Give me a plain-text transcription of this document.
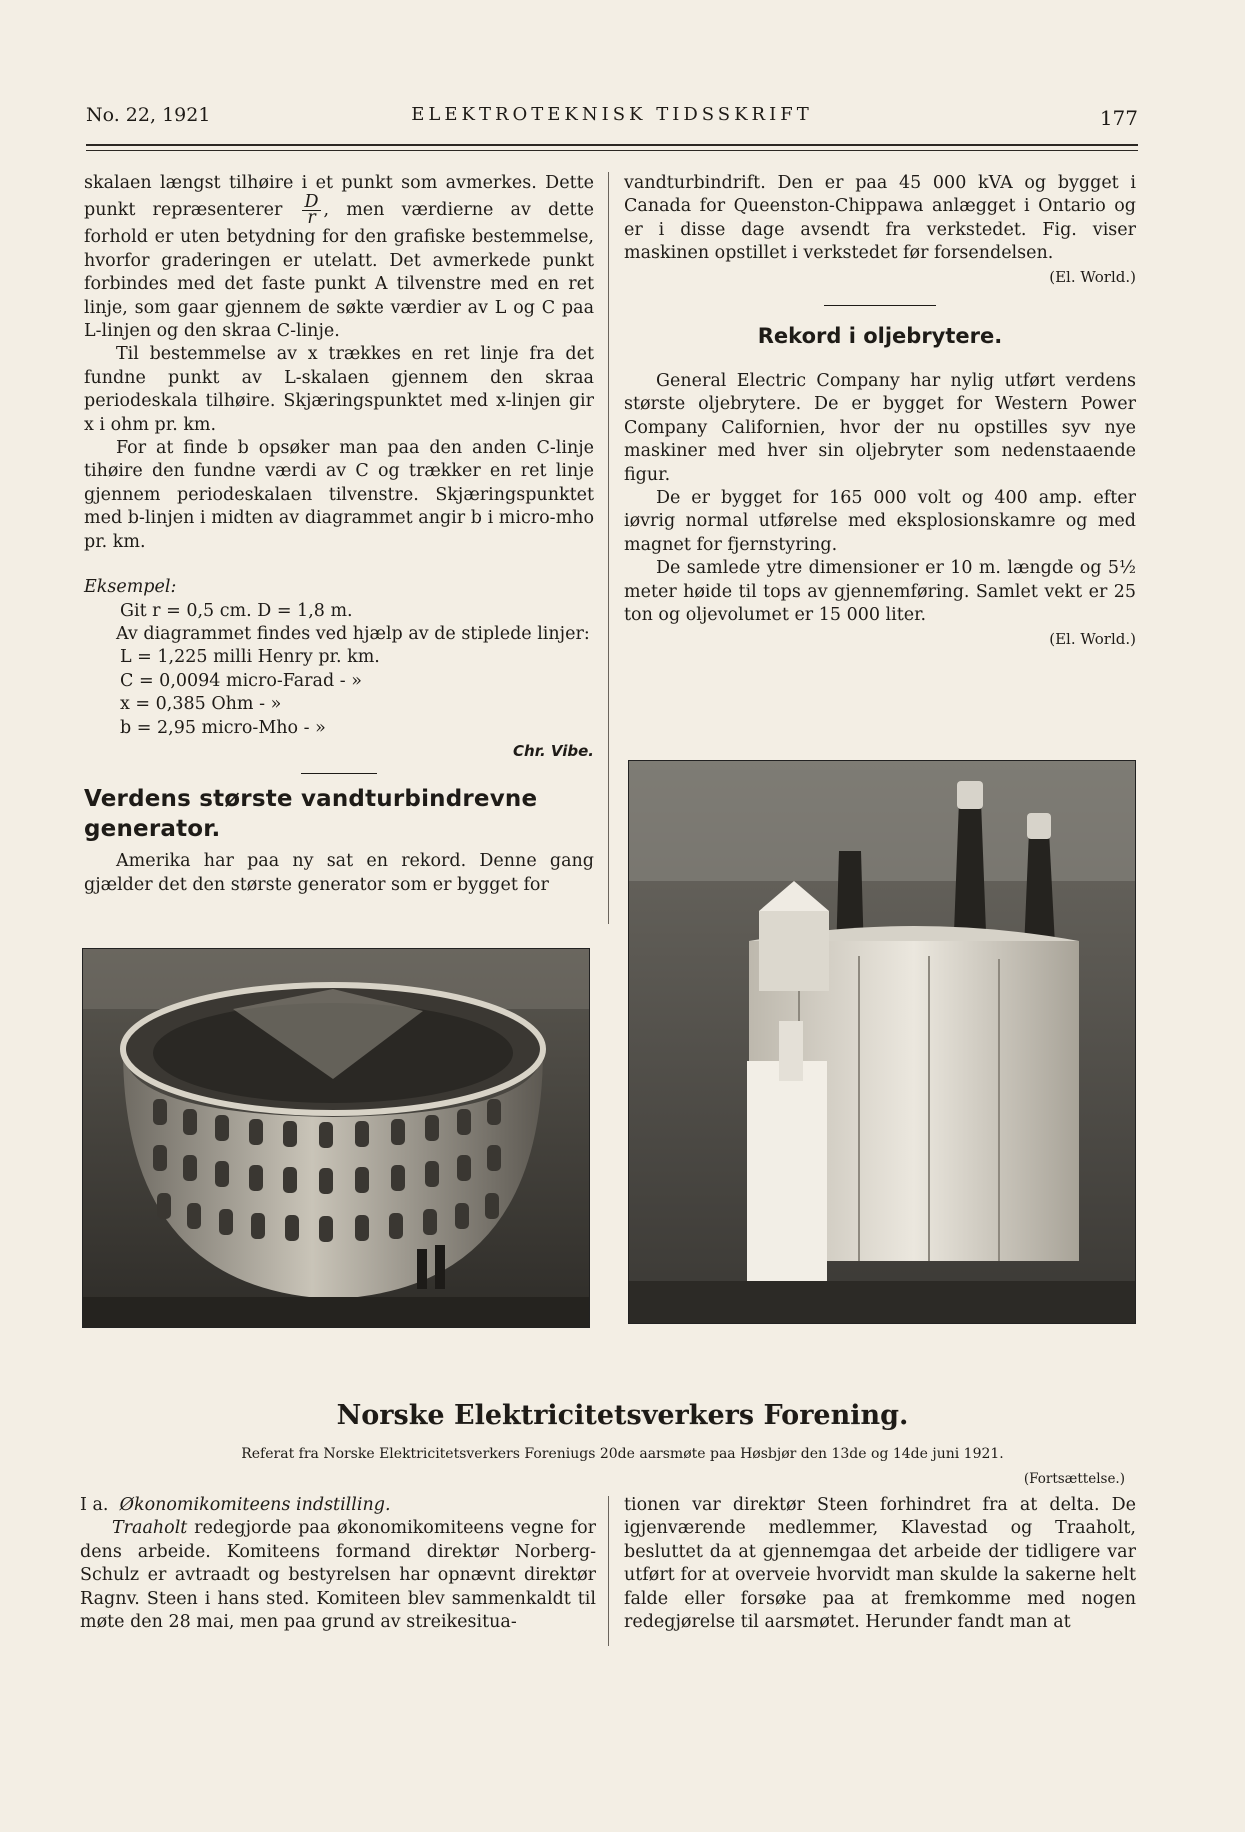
No. 22, 1921	ELEKTROTEKNISK TIDSSKRIFT	177

skalaen længst tilhøire i et punkt som avmerkes. Dette punkt repræsenterer $\frac{D}{r}$ , men værdierne av dette forhold er uten betydning for den grafiske bestemmelse, hvorfor graderingen er utelatt. Det avmerkede punkt forbindes med det faste punkt A tilvenstre med en ret linje, som gaar gjennem de søkte værdier av L og C paa L-linjen og den skraa C-linje.

Til bestemmelse av x trækkes en ret linje fra det fundne punkt av L-skalaen gjennem den skraa periodeskala tilhøire. Skjæringspunktet med x-linjen gir x i ohm pr. km.

For at finde b opsøker man paa den anden C-linje tihøire den fundne værdi av C og trækker en ret linje gjennem periodeskalaen tilvenstre. Skjæringspunktet med b-linjen i midten av diagrammet angir b i micro-mho pr. km.

Eksempel:

Git r = 0,5 cm. D = 1,8 m.

Av diagrammet findes ved hjælp av de stiplede linjer:

L = 1,225 milli Henry pr. km.

C = 0,0094 micro-Farad - »

x = 0,385 Ohm - »

b = 2,95 micro-Mho - »

Chr. Vibe.

Verdens største vandturbindrevne generator.

Amerika har paa ny sat en rekord. Denne gang gjælder det den største generator som er bygget for

vandturbindrift. Den er paa 45 000 kVA og bygget i Canada for Queenston-Chippawa anlægget i Ontario og er i disse dage avsendt fra verkstedet. Fig. viser maskinen opstillet i verkstedet før forsendelsen.

(El. World.)

Rekord i oljebrytere.

General Electric Company har nylig utført verdens største oljebrytere. De er bygget for Western Power Company Californien, hvor der nu opstilles syv nye maskiner med hver sin oljebryter som nedenstaaende figur.

De er bygget for 165 000 volt og 400 amp. efter iøvrig normal utførelse med eksplosionskamre og med magnet for fjernstyring.

De samlede ytre dimensioner er 10 m. længde og 5½ meter høide til tops av gjennemføring. Samlet vekt er 25 ton og oljevolumet er 15 000 liter.

(El. World.)

Norske Elektricitetsverkers Forening.
Referat fra Norske Elektricitetsverkers Foreniugs 20de aarsmøte paa Høsbjør den 13de og 14de juni 1921.
(Fortsættelse.)

I a. Økonomikomiteens indstilling.

Traaholt redegjorde paa økonomikomiteens vegne for dens arbeide. Komiteens formand direktør Norberg-Schulz er avtraadt og bestyrelsen har opnævnt direktør Ragnv. Steen i hans sted. Komiteen blev sammenkaldt til møte den 28 mai, men paa grund av streikesitua-

tionen var direktør Steen forhindret fra at delta. De igjenværende medlemmer, Klavestad og Traaholt, besluttet da at gjennemgaa det arbeide der tidligere var utført for at overveie hvorvidt man skulde la sakerne helt falde eller forsøke paa at fremkomme med nogen redegjørelse til aarsmøtet. Herunder fandt man at
